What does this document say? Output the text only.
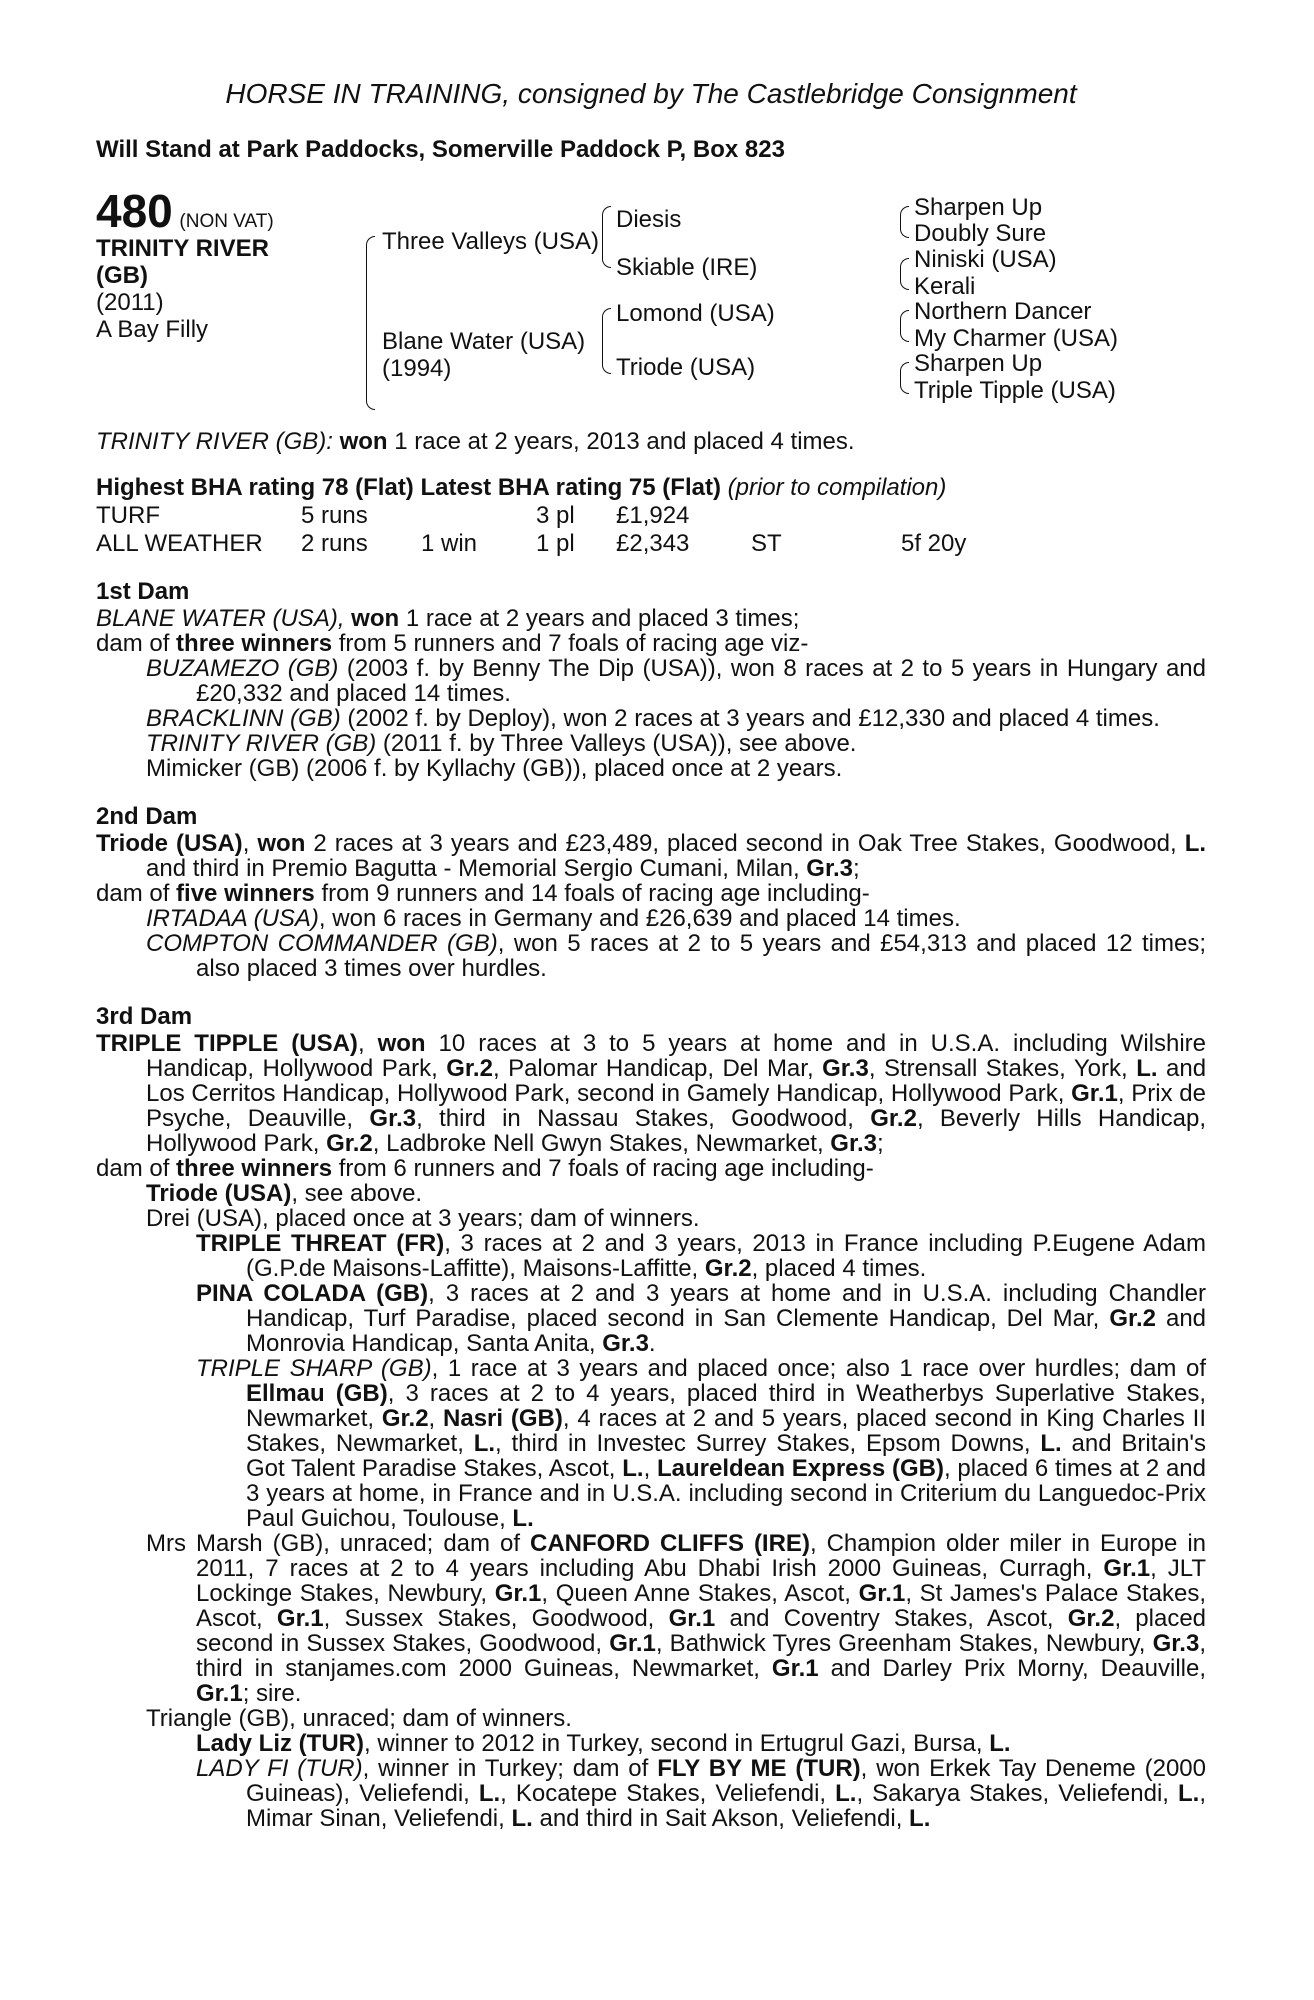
HORSE IN TRAINING, consigned by The Castlebridge Consignment
Will Stand at Park Paddocks, Somerville Paddock P, Box 823
480 (NON VAT)
TRINITY RIVER
(GB)
(2011)
A Bay Filly
Three Valleys (USA)
Blane Water (USA)
(1994)
Diesis
Skiable (IRE)
Lomond (USA)
Triode (USA)
Sharpen Up
Doubly Sure
Niniski (USA)
Kerali
Northern Dancer
My Charmer (USA)
Sharpen Up
Triple Tipple (USA)
TRINITY RIVER (GB): won 1 race at 2 years, 2013 and placed 4 times.
Highest BHA rating 78 (Flat) Latest BHA rating 75 (Flat) (prior to compilation)
TURF	5 runs		3 pl	£1,924		
ALL WEATHER	2 runs	1 win	1 pl	£2,343	ST	5f 20y
1st Dam
BLANE WATER (USA), won 1 race at 2 years and placed 3 times;
dam of three winners from 5 runners and 7 foals of racing age viz-
BUZAMEZO (GB) (2003 f. by Benny The Dip (USA)), won 8 races at 2 to 5 years in Hungary and £20,332 and placed 14 times.
BRACKLINN (GB) (2002 f. by Deploy), won 2 races at 3 years and £12,330 and placed 4 times.
TRINITY RIVER (GB) (2011 f. by Three Valleys (USA)), see above.
Mimicker (GB) (2006 f. by Kyllachy (GB)), placed once at 2 years.
2nd Dam
Triode (USA), won 2 races at 3 years and £23,489, placed second in Oak Tree Stakes, Goodwood, L. and third in Premio Bagutta - Memorial Sergio Cumani, Milan, Gr.3;
dam of five winners from 9 runners and 14 foals of racing age including-
IRTADAA (USA), won 6 races in Germany and £26,639 and placed 14 times.
COMPTON COMMANDER (GB), won 5 races at 2 to 5 years and £54,313 and placed 12 times; also placed 3 times over hurdles.
3rd Dam
TRIPLE TIPPLE (USA), won 10 races at 3 to 5 years at home and in U.S.A. including Wilshire Handicap, Hollywood Park, Gr.2, Palomar Handicap, Del Mar, Gr.3, Strensall Stakes, York, L. and Los Cerritos Handicap, Hollywood Park, second in Gamely Handicap, Hollywood Park, Gr.1, Prix de Psyche, Deauville, Gr.3, third in Nassau Stakes, Goodwood, Gr.2, Beverly Hills Handicap, Hollywood Park, Gr.2, Ladbroke Nell Gwyn Stakes, Newmarket, Gr.3;
dam of three winners from 6 runners and 7 foals of racing age including-
Triode (USA), see above.
Drei (USA), placed once at 3 years; dam of winners.
TRIPLE THREAT (FR), 3 races at 2 and 3 years, 2013 in France including P.Eugene Adam (G.P.de Maisons-Laffitte), Maisons-Laffitte, Gr.2, placed 4 times.
PINA COLADA (GB), 3 races at 2 and 3 years at home and in U.S.A. including Chandler Handicap, Turf Paradise, placed second in San Clemente Handicap, Del Mar, Gr.2 and Monrovia Handicap, Santa Anita, Gr.3.
TRIPLE SHARP (GB), 1 race at 3 years and placed once; also 1 race over hurdles; dam of Ellmau (GB), 3 races at 2 to 4 years, placed third in Weatherbys Superlative Stakes, Newmarket, Gr.2, Nasri (GB), 4 races at 2 and 5 years, placed second in King Charles II Stakes, Newmarket, L., third in Investec Surrey Stakes, Epsom Downs, L. and Britain's Got Talent Paradise Stakes, Ascot, L., Laureldean Express (GB), placed 6 times at 2 and 3 years at home, in France and in U.S.A. including second in Criterium du Languedoc-Prix Paul Guichou, Toulouse, L.
Mrs Marsh (GB), unraced; dam of CANFORD CLIFFS (IRE), Champion older miler in Europe in 2011, 7 races at 2 to 4 years including Abu Dhabi Irish 2000 Guineas, Curragh, Gr.1, JLT Lockinge Stakes, Newbury, Gr.1, Queen Anne Stakes, Ascot, Gr.1, St James's Palace Stakes, Ascot, Gr.1, Sussex Stakes, Goodwood, Gr.1 and Coventry Stakes, Ascot, Gr.2, placed second in Sussex Stakes, Goodwood, Gr.1, Bathwick Tyres Greenham Stakes, Newbury, Gr.3, third in stanjames.com 2000 Guineas, Newmarket, Gr.1 and Darley Prix Morny, Deauville, Gr.1; sire.
Triangle (GB), unraced; dam of winners.
Lady Liz (TUR), winner to 2012 in Turkey, second in Ertugrul Gazi, Bursa, L.
LADY FI (TUR), winner in Turkey; dam of FLY BY ME (TUR), won Erkek Tay Deneme (2000 Guineas), Veliefendi, L., Kocatepe Stakes, Veliefendi, L., Sakarya Stakes, Veliefendi, L., Mimar Sinan, Veliefendi, L. and third in Sait Akson, Veliefendi, L.
